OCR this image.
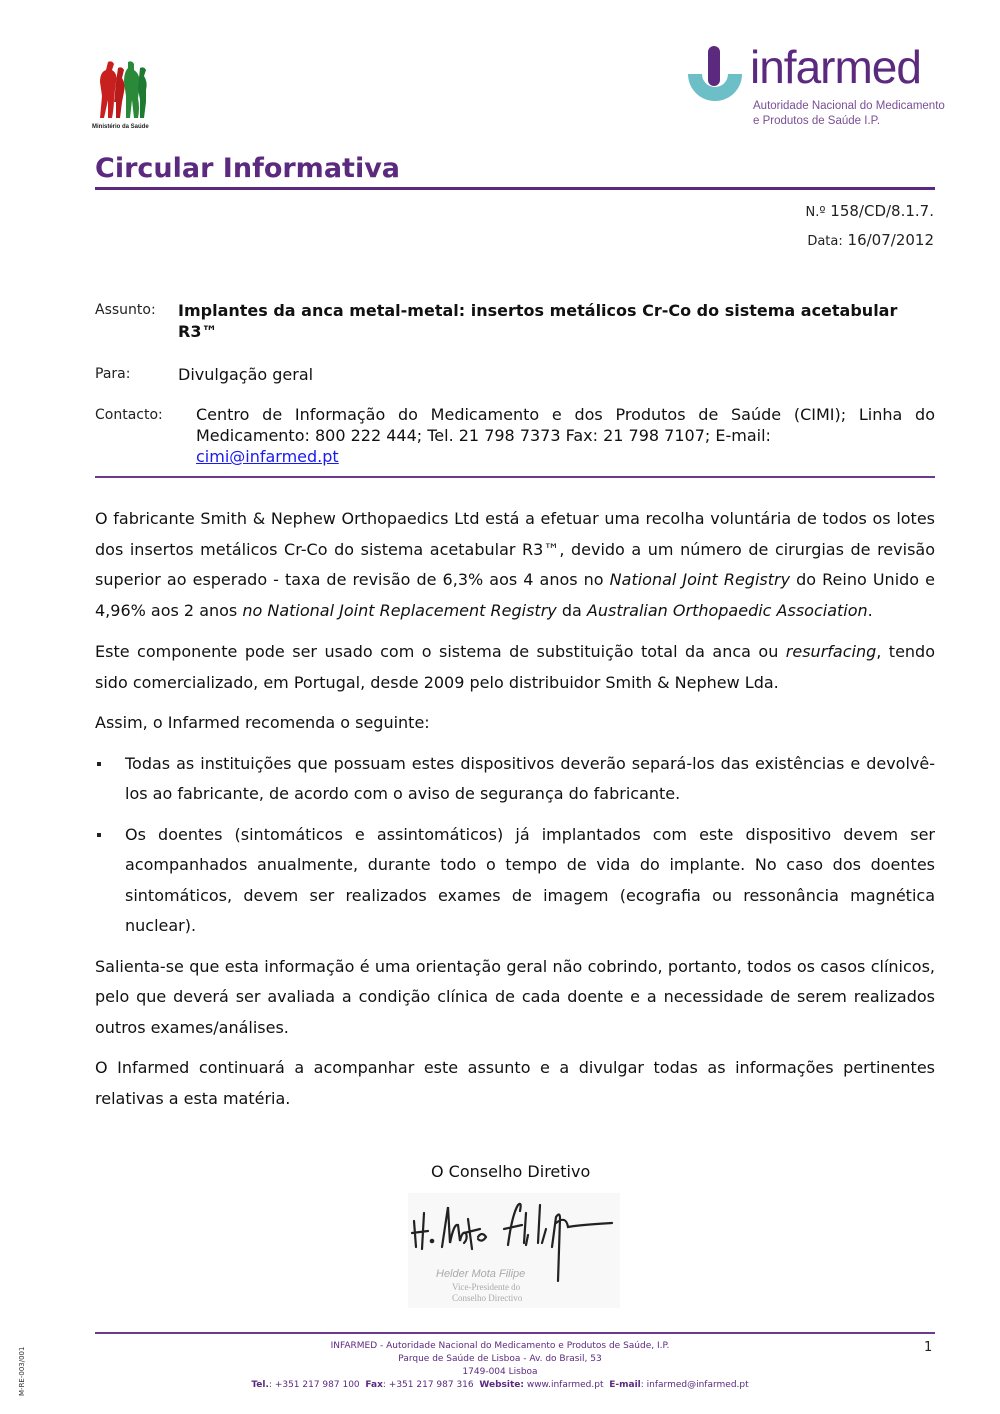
Ministério da Saúde
infarmed
Autoridade Nacional do Medicamento
e Produtos de Saúde I.P.
Circular Informativa
N.º 158/CD/8.1.7.
Data: 16/07/2012
Assunto: Implantes da anca metal-metal: insertos metálicos Cr-Co do sistema acetabular
R3™
Para:	Divulgação geral
Contacto: Centro de Informação do Medicamento e dos Produtos de Saúde (CIMI); Linha do Medicamento: 800 222 444; Tel. 21 798 7373 Fax: 21 798 7107; E-mail:
cimi@infarmed.pt

O fabricante Smith & Nephew Orthopaedics Ltd está a efetuar uma recolha voluntária de todos os lotes dos insertos metálicos Cr-Co do sistema acetabular R3™, devido a um número de cirurgias de revisão superior ao esperado - taxa de revisão de 6,3% aos 4 anos no National Joint Registry do Reino Unido e 4,96% aos 2 anos no National Joint Replacement Registry da Australian Orthopaedic Association.

Este componente pode ser usado com o sistema de substituição total da anca ou resurfacing, tendo sido comercializado, em Portugal, desde 2009 pelo distribuidor Smith & Nephew Lda.

Assim, o Infarmed recomenda o seguinte:

Todas as instituições que possuam estes dispositivos deverão separá-los das existências e devolvê-los ao fabricante, de acordo com o aviso de segurança do fabricante.
Os doentes (sintomáticos e assintomáticos) já implantados com este dispositivo devem ser acompanhados anualmente, durante todo o tempo de vida do implante. No caso dos doentes sintomáticos, devem ser realizados exames de imagem (ecografia ou ressonância magnética nuclear).

Salienta-se que esta informação é uma orientação geral não cobrindo, portanto, todos os casos clínicos, pelo que deverá ser avaliada a condição clínica de cada doente e a necessidade de serem realizados outros exames/análises.

O Infarmed continuará a acompanhar este assunto e a divulgar todas as informações pertinentes relativas a esta matéria.

O Conselho Diretivo
Helder Mota Filipe
Vice-Presidente do
Conselho Directivo
1
INFARMED - Autoridade Nacional do Medicamento e Produtos de Saúde, I.P.
Parque de Saúde de Lisboa - Av. do Brasil, 53
1749-004 Lisboa
Tel.: +351 217 987 100 Fax: +351 217 987 316 Website: www.infarmed.pt E-mail: infarmed@infarmed.pt
M-RE-003/001
